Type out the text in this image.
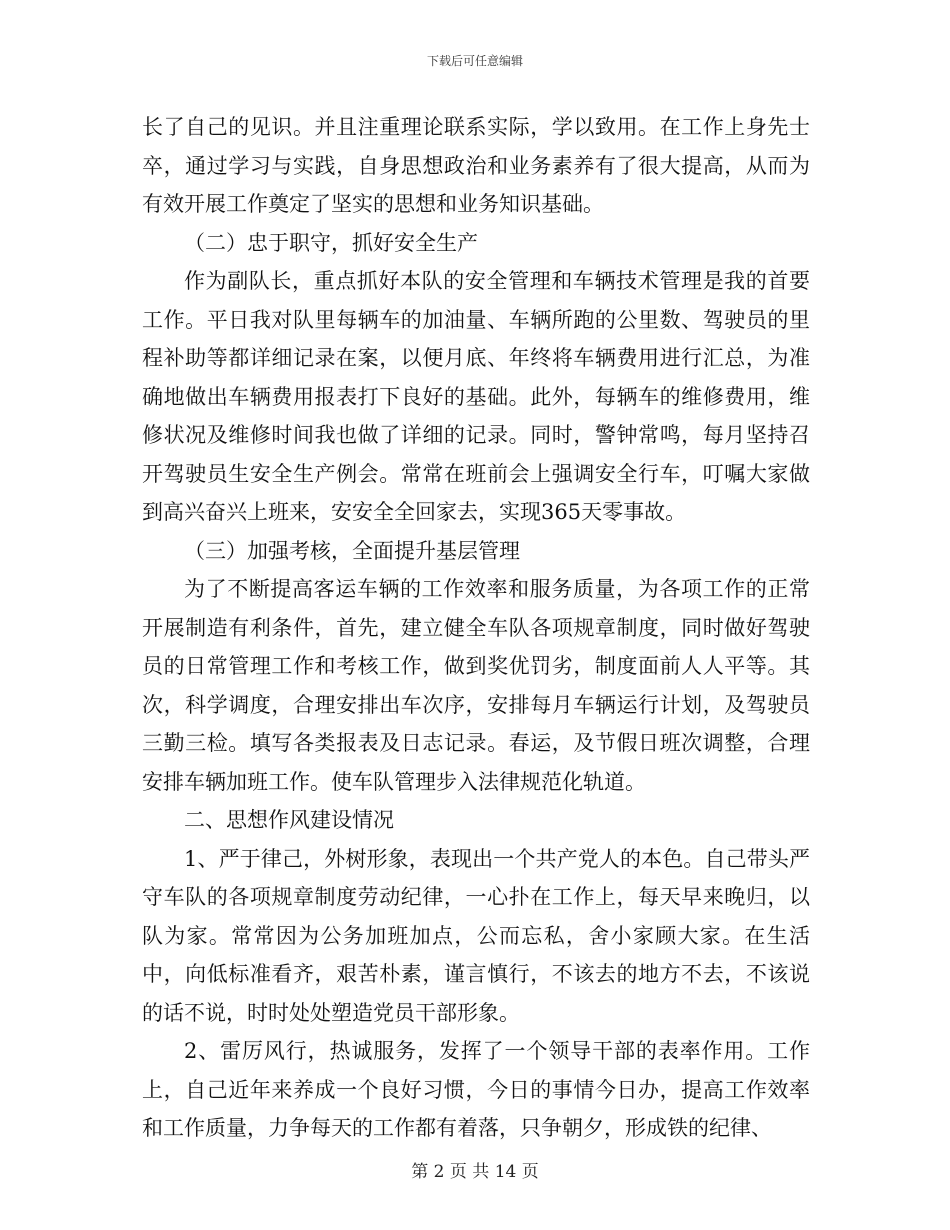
下载后可任意编辑

长了自己的见识。并且注重理论联系实际，学以致用。在工作上身先士卒，通过学习与实践，自身思想政治和业务素养有了很大提高，从而为有效开展工作奠定了坚实的思想和业务知识基础。

（二）忠于职守，抓好安全生产

作为副队长，重点抓好本队的安全管理和车辆技术管理是我的首要工作。平日我对队里每辆车的加油量、车辆所跑的公里数、驾驶员的里程补助等都详细记录在案，以便月底、年终将车辆费用进行汇总，为准确地做出车辆费用报表打下良好的基础。此外，每辆车的维修费用，维修状况及维修时间我也做了详细的记录。同时，警钟常鸣，每月坚持召开驾驶员生安全生产例会。常常在班前会上强调安全行车，叮嘱大家做到高兴奋兴上班来，安安全全回家去，实现365天零事故。

（三）加强考核，全面提升基层管理

为了不断提高客运车辆的工作效率和服务质量，为各项工作的正常开展制造有利条件，首先，建立健全车队各项规章制度，同时做好驾驶员的日常管理工作和考核工作，做到奖优罚劣，制度面前人人平等。其次，科学调度，合理安排出车次序，安排每月车辆运行计划，及驾驶员三勤三检。填写各类报表及日志记录。春运，及节假日班次调整，合理安排车辆加班工作。使车队管理步入法律规范化轨道。

二、思想作风建设情况

1、严于律己，外树形象，表现出一个共产党人的本色。自己带头严守车队的各项规章制度劳动纪律，一心扑在工作上，每天早来晚归，以队为家。常常因为公务加班加点，公而忘私，舍小家顾大家。在生活中，向低标准看齐，艰苦朴素，谨言慎行，不该去的地方不去，不该说的话不说，时时处处塑造党员干部形象。

2、雷厉风行，热诚服务，发挥了一个领导干部的表率作用。工作上，自己近年来养成一个良好习惯，今日的事情今日办，提高工作效率和工作质量，力争每天的工作都有着落，只争朝夕，形成铁的纪律、

第 2 页 共 14 页
